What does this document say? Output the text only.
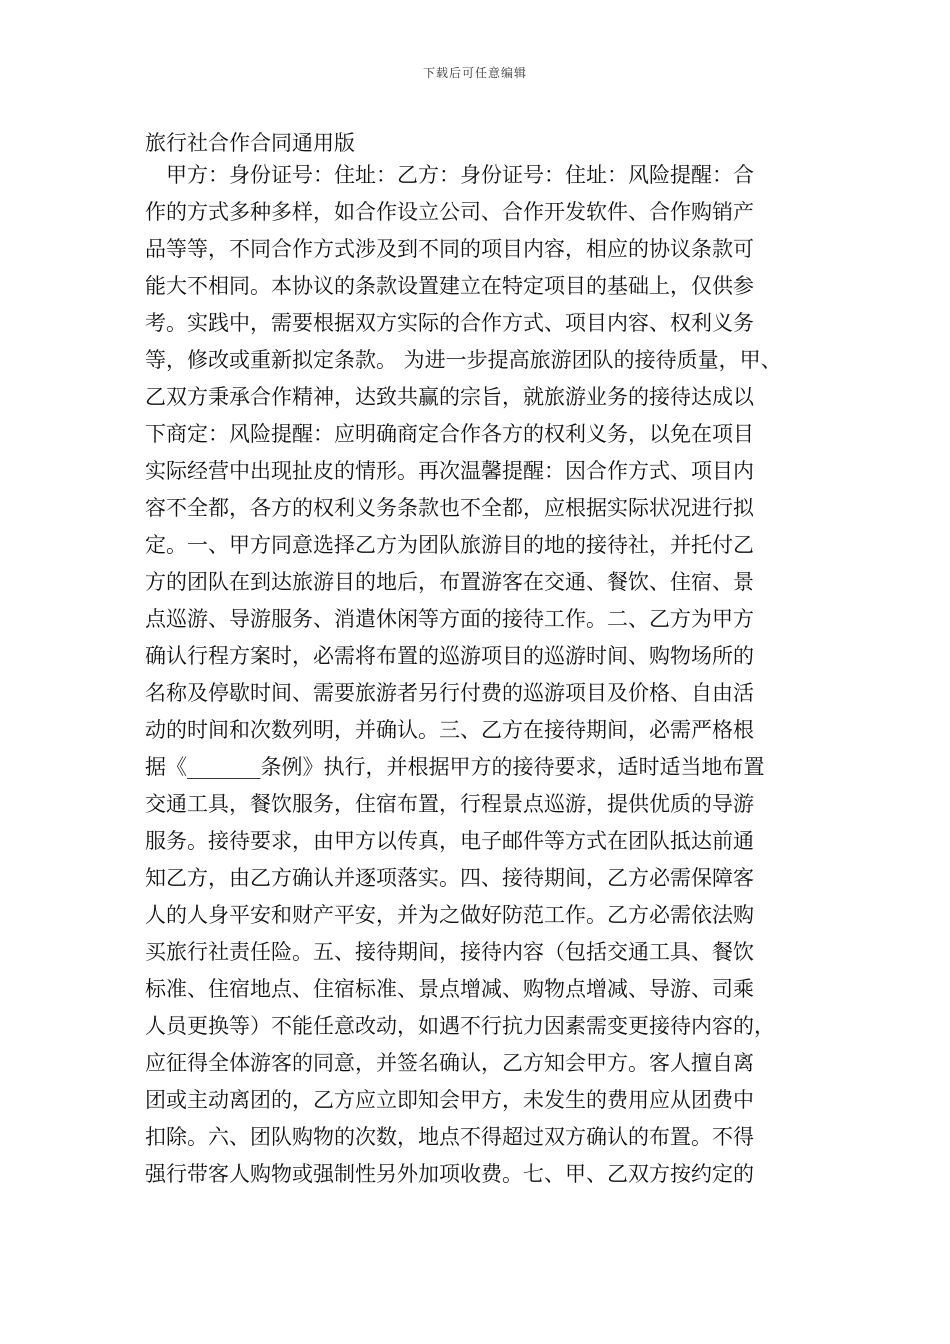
下载后可任意编辑
旅行社合作合同通用版
甲方：身份证号：住址：乙方：身份证号：住址：风险提醒：合
作的方式多种多样，如合作设立公司、合作开发软件、合作购销产
品等等，不同合作方式涉及到不同的项目内容，相应的协议条款可
能大不相同。本协议的条款设置建立在特定项目的基础上，仅供参
考。实践中，需要根据双方实际的合作方式、项目内容、权利义务
等，修改或重新拟定条款。 为进一步提高旅游团队的接待质量，甲、
乙双方秉承合作精神，达致共赢的宗旨，就旅游业务的接待达成以
下商定：风险提醒：应明确商定合作各方的权利义务，以免在项目
实际经营中出现扯皮的情形。再次温馨提醒：因合作方式、项目内
容不全都，各方的权利义务条款也不全都，应根据实际状况进行拟
定。一、甲方同意选择乙方为团队旅游目的地的接待社，并托付乙
方的团队在到达旅游目的地后，布置游客在交通、餐饮、住宿、景
点巡游、导游服务、消遣休闲等方面的接待工作。二、乙方为甲方
确认行程方案时，必需将布置的巡游项目的巡游时间、购物场所的
名称及停歇时间、需要旅游者另行付费的巡游项目及价格、自由活
动的时间和次数列明，并确认。三、乙方在接待期间，必需严格根
据《_______条例》执行，并根据甲方的接待要求，适时适当地布置
交通工具，餐饮服务，住宿布置，行程景点巡游，提供优质的导游
服务。接待要求，由甲方以传真，电子邮件等方式在团队抵达前通
知乙方，由乙方确认并逐项落实。四、接待期间，乙方必需保障客
人的人身平安和财产平安，并为之做好防范工作。乙方必需依法购
买旅行社责任险。五、接待期间，接待内容（包括交通工具、餐饮
标准、住宿地点、住宿标准、景点增减、购物点增减、导游、司乘
人员更换等）不能任意改动，如遇不行抗力因素需变更接待内容的，
应征得全体游客的同意，并签名确认，乙方知会甲方。客人擅自离
团或主动离团的，乙方应立即知会甲方，未发生的费用应从团费中
扣除。六、团队购物的次数，地点不得超过双方确认的布置。不得
强行带客人购物或强制性另外加项收费。七、甲、乙双方按约定的
